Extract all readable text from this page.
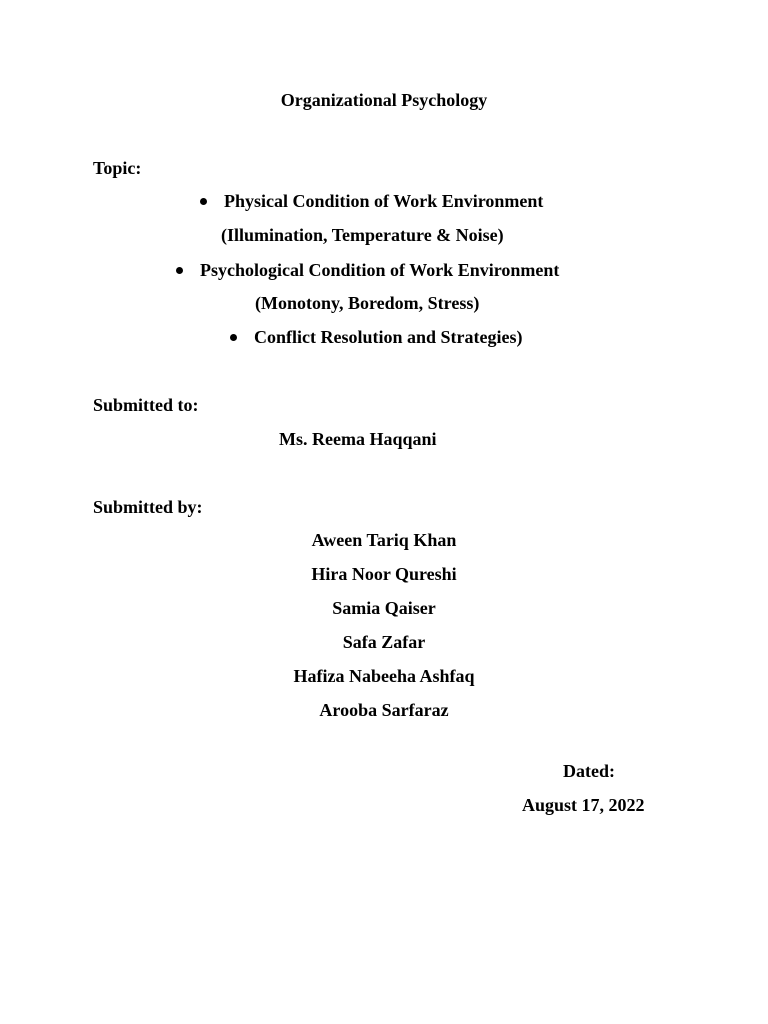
Organizational Psychology
Topic:
Physical Condition of Work Environment
(Illumination, Temperature & Noise)
Psychological Condition of Work Environment
(Monotony, Boredom, Stress)
Conflict Resolution and Strategies)
Submitted to:
Ms. Reema Haqqani
Submitted by:
Aween Tariq Khan
Hira Noor Qureshi
Samia Qaiser
Safa Zafar
Hafiza Nabeeha Ashfaq
Arooba Sarfaraz
Dated:
August 17, 2022
